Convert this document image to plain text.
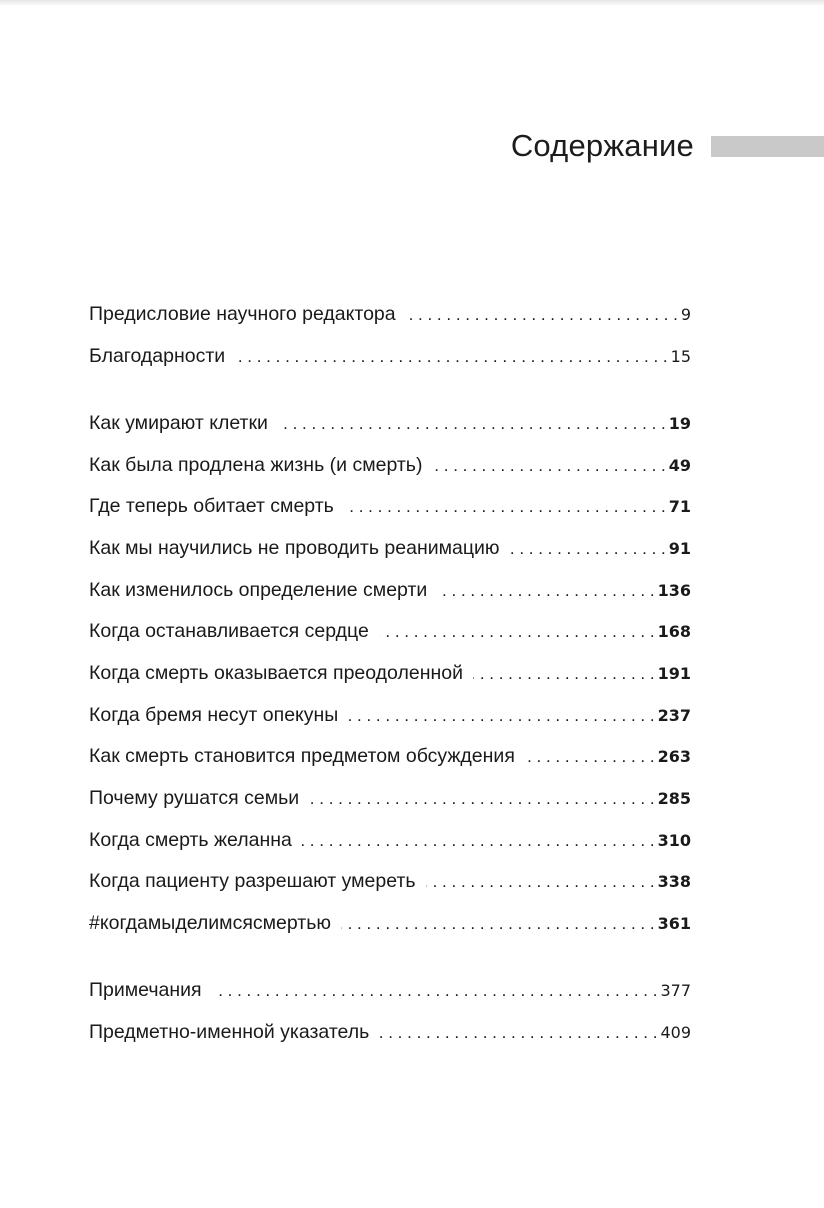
Содержание
Предисловие научного редактора . . .	9
Благодарности . . .	15
Как умирают клетки . . .	19
Как была продлена жизнь (и смерть) . . .	49
Где теперь обитает смерть . . .	71
Как мы научились не проводить реанимацию . . .	91
Как изменилось определение смерти . . .	136
Когда останавливается сердце . . .	168
Когда смерть оказывается преодоленной . . .	191
Когда бремя несут опекуны . . .	237
Как смерть становится предметом обсуждения . . .	263
Почему рушатся семьи . . .	285
Когда смерть желанна . . .	310
Когда пациенту разрешают умереть . . .	338
#когдамыделимсясмертью . . .	361
Примечания . . .	377
Предметно-именной указатель . . .	409
